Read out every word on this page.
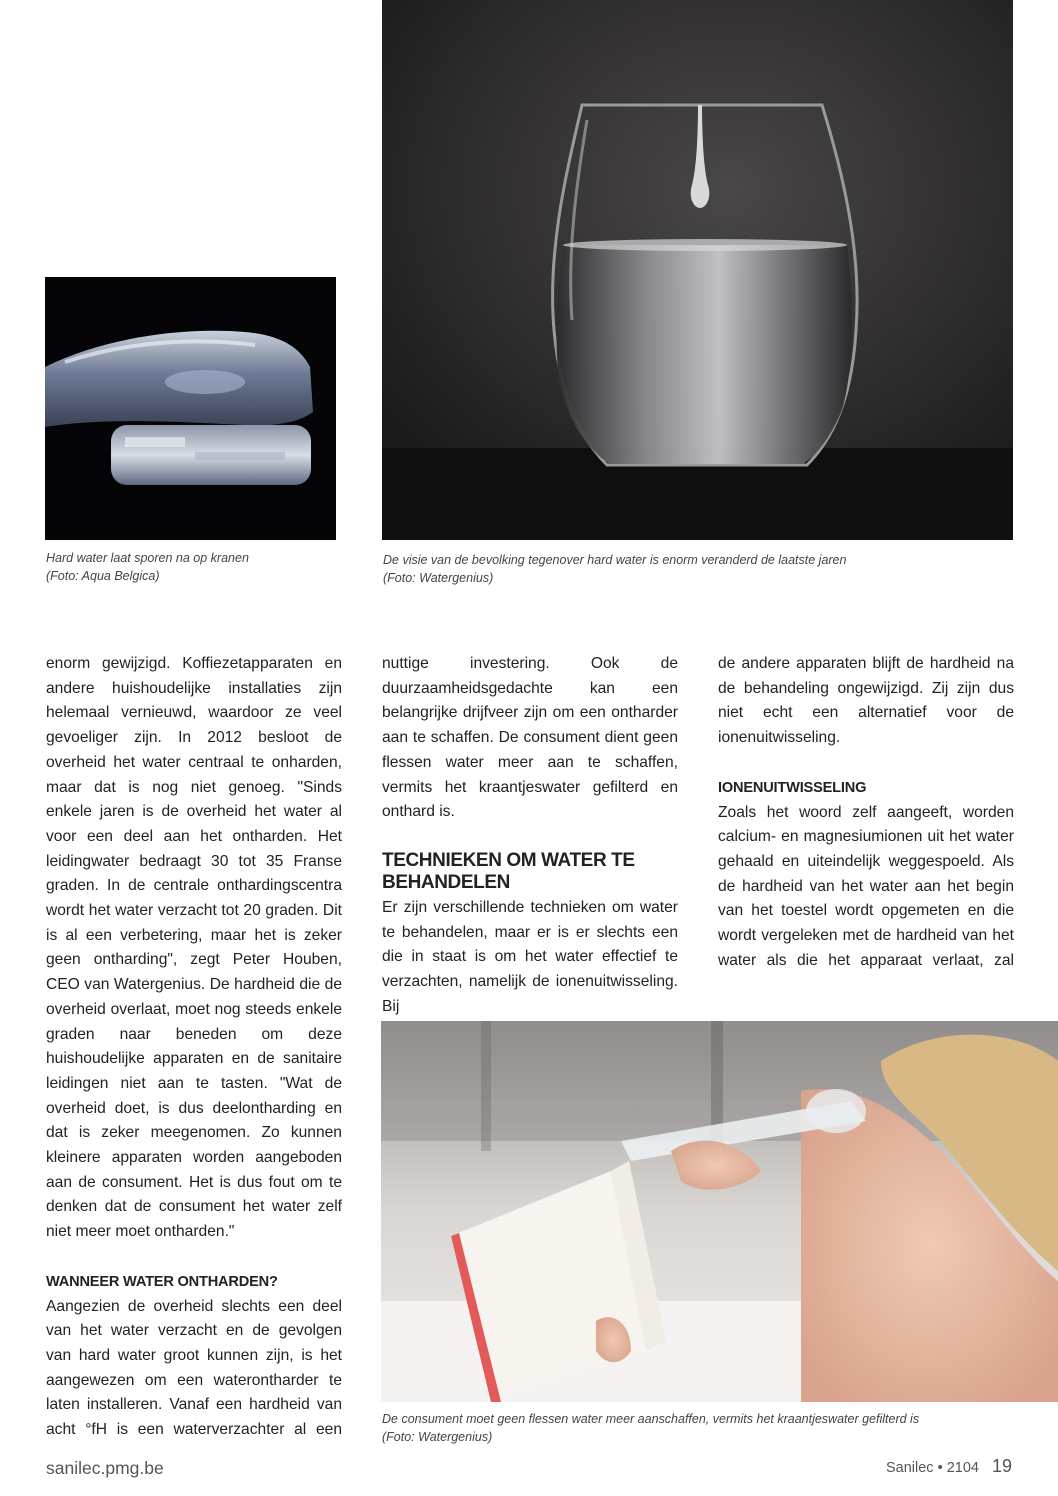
Hard water laat sporen na op kranen
(Foto: Aqua Belgica)

De visie van de bevolking tegenover hard water is enorm veranderd de laatste jaren
(Foto: Watergenius)

enorm gewijzigd. Koffiezetapparaten en andere huishoudelijke installaties zijn helemaal vernieuwd, waardoor ze veel gevoeliger zijn. In 2012 besloot de overheid het water centraal te onharden, maar dat is nog niet genoeg. "Sinds enkele jaren is de overheid het water al voor een deel aan het ontharden. Het leidingwater bedraagt 30 tot 35 Franse graden. In de centrale onthardingscentra wordt het water verzacht tot 20 graden. Dit is al een verbetering, maar het is zeker geen ontharding", zegt Peter Houben, CEO van Watergenius. De hardheid die de overheid overlaat, moet nog steeds enkele graden naar beneden om deze huishoudelijke apparaten en de sanitaire leidingen niet aan te tasten. "Wat de overheid doet, is dus deelontharding en dat is zeker meegenomen. Zo kunnen kleinere apparaten worden aangeboden aan de consument. Het is dus fout om te denken dat de consument het water zelf niet meer moet ontharden."

WANNEER WATER ONTHARDEN?

Aangezien de overheid slechts een deel van het water verzacht en de gevolgen van hard water groot kunnen zijn, is het aangewezen om een waterontharder te laten installeren. Vanaf een hardheid van acht °fH is een waterverzachter al een

nuttige investering. Ook de duurzaamheidsgedachte kan een belangrijke drijfveer zijn om een ontharder aan te schaffen. De consument dient geen flessen water meer aan te schaffen, vermits het kraantjeswater gefilterd en onthard is.

TECHNIEKEN OM WATER TE BEHANDELEN

Er zijn verschillende technieken om water te behandelen, maar er is er slechts een die in staat is om het water effectief te verzachten, namelijk de ionenuitwisseling. Bij

de andere apparaten blijft de hardheid na de behandeling ongewijzigd. Zij zijn dus niet echt een alternatief voor de ionenuitwisseling.

IONENUITWISSELING

Zoals het woord zelf aangeeft, worden calcium- en magnesiumionen uit het water gehaald en uiteindelijk weggespoeld. Als de hardheid van het water aan het begin van het toestel wordt opgemeten en die wordt vergeleken met de hardheid van het water als die het apparaat verlaat, zal

De consument moet geen flessen water meer aanschaffen, vermits het kraantjeswater gefilterd is
(Foto: Watergenius)

sanilec.pmg.be	Sanilec • 2104 19
